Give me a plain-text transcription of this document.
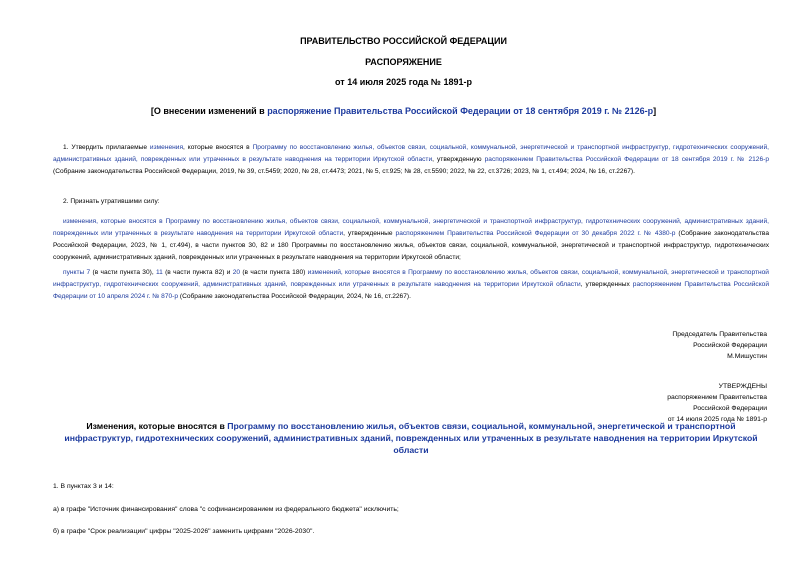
ПРАВИТЕЛЬСТВО РОССИЙСКОЙ ФЕДЕРАЦИИ
РАСПОРЯЖЕНИЕ
от 14 июля 2025 года № 1891-р
[О внесении изменений в распоряжение Правительства Российской Федерации от 18 сентября 2019 г. № 2126-р]
1. Утвердить прилагаемые изменения, которые вносятся в Программу по восстановлению жилья, объектов связи, социальной, коммунальной, энергетической и транспортной инфраструктур, гидротехнических сооружений, административных зданий, поврежденных или утраченных в результате наводнения на территории Иркутской области, утвержденную распоряжением Правительства Российской Федерации от 18 сентября 2019 г. № 2126-р (Собрание законодательства Российской Федерации, 2019, № 39, ст.5459; 2020, № 28, ст.4473; 2021, № 5, ст.925; № 28, ст.5590; 2022, № 22, ст.3726; 2023, № 1, ст.494; 2024, № 16, ст.2267).
2. Признать утратившими силу:
изменения, которые вносятся в Программу по восстановлению жилья, объектов связи, социальной, коммунальной, энергетической и транспортной инфраструктур, гидротехнических сооружений, административных зданий, поврежденных или утраченных в результате наводнения на территории Иркутской области, утвержденные распоряжением Правительства Российской Федерации от 30 декабря 2022 г. № 4380-р (Собрание законодательства Российской Федерации, 2023, № 1, ст.494), в части пунктов 30, 82 и 180 Программы по восстановлению жилья, объектов связи, социальной, коммунальной, энергетической и транспортной инфраструктур, гидротехнических сооружений, административных зданий, поврежденных или утраченных в результате наводнения на территории Иркутской области;
пункты 7 (в части пункта 30), 11 (в части пункта 82) и 20 (в части пункта 180) изменений, которые вносятся в Программу по восстановлению жилья, объектов связи, социальной, коммунальной, энергетической и транспортной инфраструктур, гидротехнических сооружений, административных зданий, поврежденных или утраченных в результате наводнения на территории Иркутской области, утвержденных распоряжением Правительства Российской Федерации от 10 апреля 2024 г. № 870-р (Собрание законодательства Российской Федерации, 2024, № 16, ст.2267).
Председатель Правительства
Российской Федерации
М.Мишустин
УТВЕРЖДЕНЫ
распоряжением Правительства
Российской Федерации
от 14 июля 2025 года № 1891-р
Изменения, которые вносятся в Программу по восстановлению жилья, объектов связи, социальной, коммунальной, энергетической и транспортной инфраструктур, гидротехнических сооружений, административных зданий, поврежденных или утраченных в результате наводнения на территории Иркутской области
1. В пунктах 3 и 14:
а) в графе "Источник финансирования" слова "с софинансированием из федерального бюджета" исключить;
б) в графе "Срок реализации" цифры "2025-2026" заменить цифрами "2026-2030".
